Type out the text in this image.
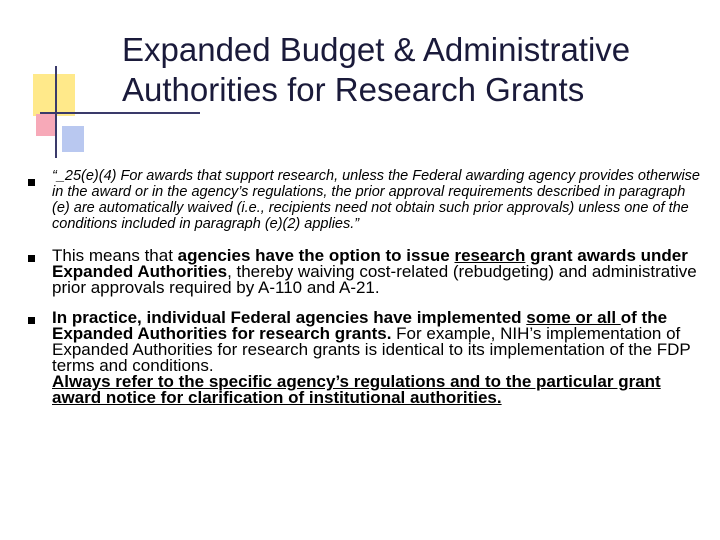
Expanded Budget & Administrative
Authorities for Research Grants
“_25(e)(4) For awards that support research, unless the Federal awarding agency provides otherwise in the award or in the agency’s regulations, the prior approval requirements described in paragraph (e) are automatically waived (i.e., recipients need not obtain such prior approvals) unless one of the conditions included in paragraph (e)(2) applies.”
This means that agencies have the option to issue research grant awards under Expanded Authorities, thereby waiving cost-related (rebudgeting) and administrative prior approvals required by A-110 and A-21.
In practice, individual Federal agencies have implemented some or all of the Expanded Authorities for research grants. For example, NIH’s implementation of Expanded Authorities for research grants is identical to its implementation of the FDP terms and conditions.
Always refer to the specific agency’s regulations and to the particular grant award notice for clarification of institutional authorities.
